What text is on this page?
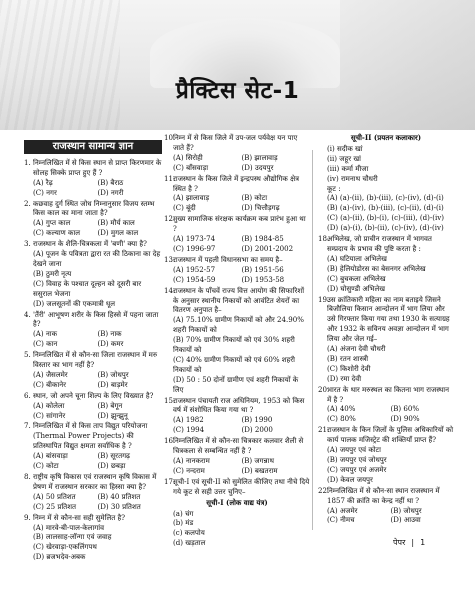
प्रैक्टिस सेट-1
राजस्थान सामान्य ज्ञान
1. निम्नलिखित में से किस स्थान से प्राप्त किरणमार के सोलह सिक्के प्राप्त हुए हैं ?
(A) रैढ़	(B) बैराठ
(C) नगर	(D) नगरी
2. कछवाह दुर्ग स्थित जोध निम्नानुसार विजय स्तम्भ किस काल का माना जाता है?
(A) गुप्त काल	(B) मौर्य काल
(C) कल्याण काल	(D) मुगल काल
3. राजस्थान के शैलि-चित्रकला में 'बणी' क्या है?
(A) पूजन के पवित्रता द्वारा रत की ठिकाना का देह देखने जाना
(B) ठुमरी नृत्य
(C) विवाह के पश्चात दूल्हन को दूसरी बार ससुराल भेजना
(D) जलसूतनों की एकमात्री धूल
4. 'तैंरी' आभूषण शरीर के किस हिस्से में पहना जाता है?
(A) नाक	(B) नाक
(C) कान	(D) कमर
5. निम्नलिखित में से कौन-सा जिला राजस्थान में मरु विस्तार का भाग नहीं है?
(A) जैसलमेर	(B) जोधपुर
(C) बीकानेर	(D) बाड़मेर
6. स्थान, जो अपने चूना शिल्प के लिए विख्यात है?
(A) कोलेला	(B) बेगून
(C) सांगानेर	(D) झुन्झुनू
7. निम्नलिखित में से किस ताप विद्युत परियोजना (Thermal Power Projects) की प्रतिस्थापित विद्युत क्षमता सर्वाधिक है ?
(A) बांसवाड़ा	(B) सूरतगढ़
(C) कोटा	(D) छबड़ा
8. राष्ट्रीय कृषि विकास एवं राजस्थान कृषि विकास में प्रेषण में राजस्थान सरकार का हिस्सा क्या है?
(A) 50 प्रतिशत	(B) 40 प्रतिशत
(C) 25 प्रतिशत	(D) 30 प्रतिशत
9. निम्न में से कौन-सा सही सुमेलित है?
(A) मारवे-बी-पाल-केलागांव
(B) लालसाह-लॉन्गा एवं जवाह
(C) खेरवाड़ा-एकलिंगपथ
(D) ब्रजभदेव-अबक
10.
निम्न में से किस जिले में उप-जल पर्यवेक्ष यन पाए जाते हैं?
(A) सिरोही	(B) झालावाड़
(C) बाँसवाड़ा	(D) उदयपुर
11.
राजस्थान के किस जिले में इन्द्रपस्थ औद्योगिक क्षेत्र स्थित है ?
(A) झालावाड़	(B) कोटा
(C) बूंदी	(D) चित्तौड़गढ़
12.
मुख्य सामाजिक संरक्षक कार्यक्रम कब प्रारंभ हुआ था ?
(A) 1973-74	(B) 1984-85
(C) 1996-97	(D) 2001-2002
13.
राजस्थान में पहली विधानसभा का समय है–
(A) 1952-57	(B) 1951-56
(C) 1954-59	(D) 1953-58
14.
राजस्थान के पाँचवें राज्य वित्त आयोग की सिफारिशों के अनुसार स्थानीय निकायों को आवंटित शेयरों का वितरण अनुपात है–
(A) 75.10% ग्रामीण निकायों को और 24.90% शहरी निकायों को
(B) 70% ग्रामीण निकायों को एवं 30% शहरी निकायों को
(C) 40% ग्रामीण निकायों को एवं 60% शहरी निकायों को
(D) 50 : 50 दोनों ग्रामीण एवं शहरी निकायों के लिए
15.
राजस्थान पंचायती राज अधिनियम, 1953 को किस वर्ष में संशोधित किया गया था ?
(A) 1982	(B) 1990
(C) 1994	(D) 2000
16.
निम्नलिखित में से कौन-सा चित्रकार कलवार शैली से चित्रकला से सम्बन्धित नहीं है ?
(A) नानकराम	(B) जगन्नाथ
(C) नन्दराम	(D) बखतराम
17.
सूची-I एवं सूची-II को सुमेलित कीजिए तथा नीचे दिये गये कूट से सही उत्तर चुनिए–
सूची-I (लोक वाद्य यंत्र)
(a) चंग
(b) मंड
(c) कलपोय
(d) खड़ताल
सूची-II (प्रयतन कलाकार)
(i) सदीक खां
(ii) जहूर खां
(iii) कर्मा मीजा
(iv) रामनाथ चौधरी
कूट :
(A) (a)-(ii), (b)-(iii), (c)-(iv), (d)-(i)
(B) (a)-(iv), (b)-(iii), (c)-(ii), (d)-(i)
(C) (a)-(ii), (b)-(i), (c)-(iii), (d)-(iv)
(D) (a)-(i), (b)-(ii), (c)-(iv), (d)-(iv)
18.
अभिलेख, जो प्राचीन राजस्थान में भागवत सम्प्रदाय के प्रभाव की पुष्टि करता है :
(A) घटियाला अभिलेख
(B) हेलियोडोरस का बेसनगर अभिलेख
(C) बुचकला अभिलेख
(D) घोसुण्डी अभिलेख
19.
उस क्रांतिकारी महिला का नाम बताइये जिसने बिजौलिया किसान आन्दोलन में भाग लिया और उसे गिरफ्तार किया गया तथा 1930 के सत्याग्रह और 1932 के सविनय अवज्ञा आन्दोलन में भाग लिया और जेल गई–
(A) अंजना देवी चौधरी
(B) रतन शास्त्री
(C) किशोरी देवी
(D) रमा देवी
20.
भारत के थार मरुस्थल का कितना भाग राजस्थान में है ?
(A) 40%	(B) 60%
(C) 80%	(D) 90%
21.
राजस्थान के किन जिलों के पुलिस अधिकारियों को कार्य पालक मजिस्ट्रेट की शक्तियाँ प्राप्त हैं?
(A) जयपुर एवं कोटा
(B) जयपुर एवं जोधपुर
(C) जयपुर एवं अजमेर
(D) केवल जयपुर
22.
निम्नलिखित में से कौन-सा स्थान राजस्थान में 1857 की क्रांति का केन्द्र नहीं था ?
(A) अजमेर	(B) जोधपुर
(C) नीमच	(D) आउवा
पेपर | 1
